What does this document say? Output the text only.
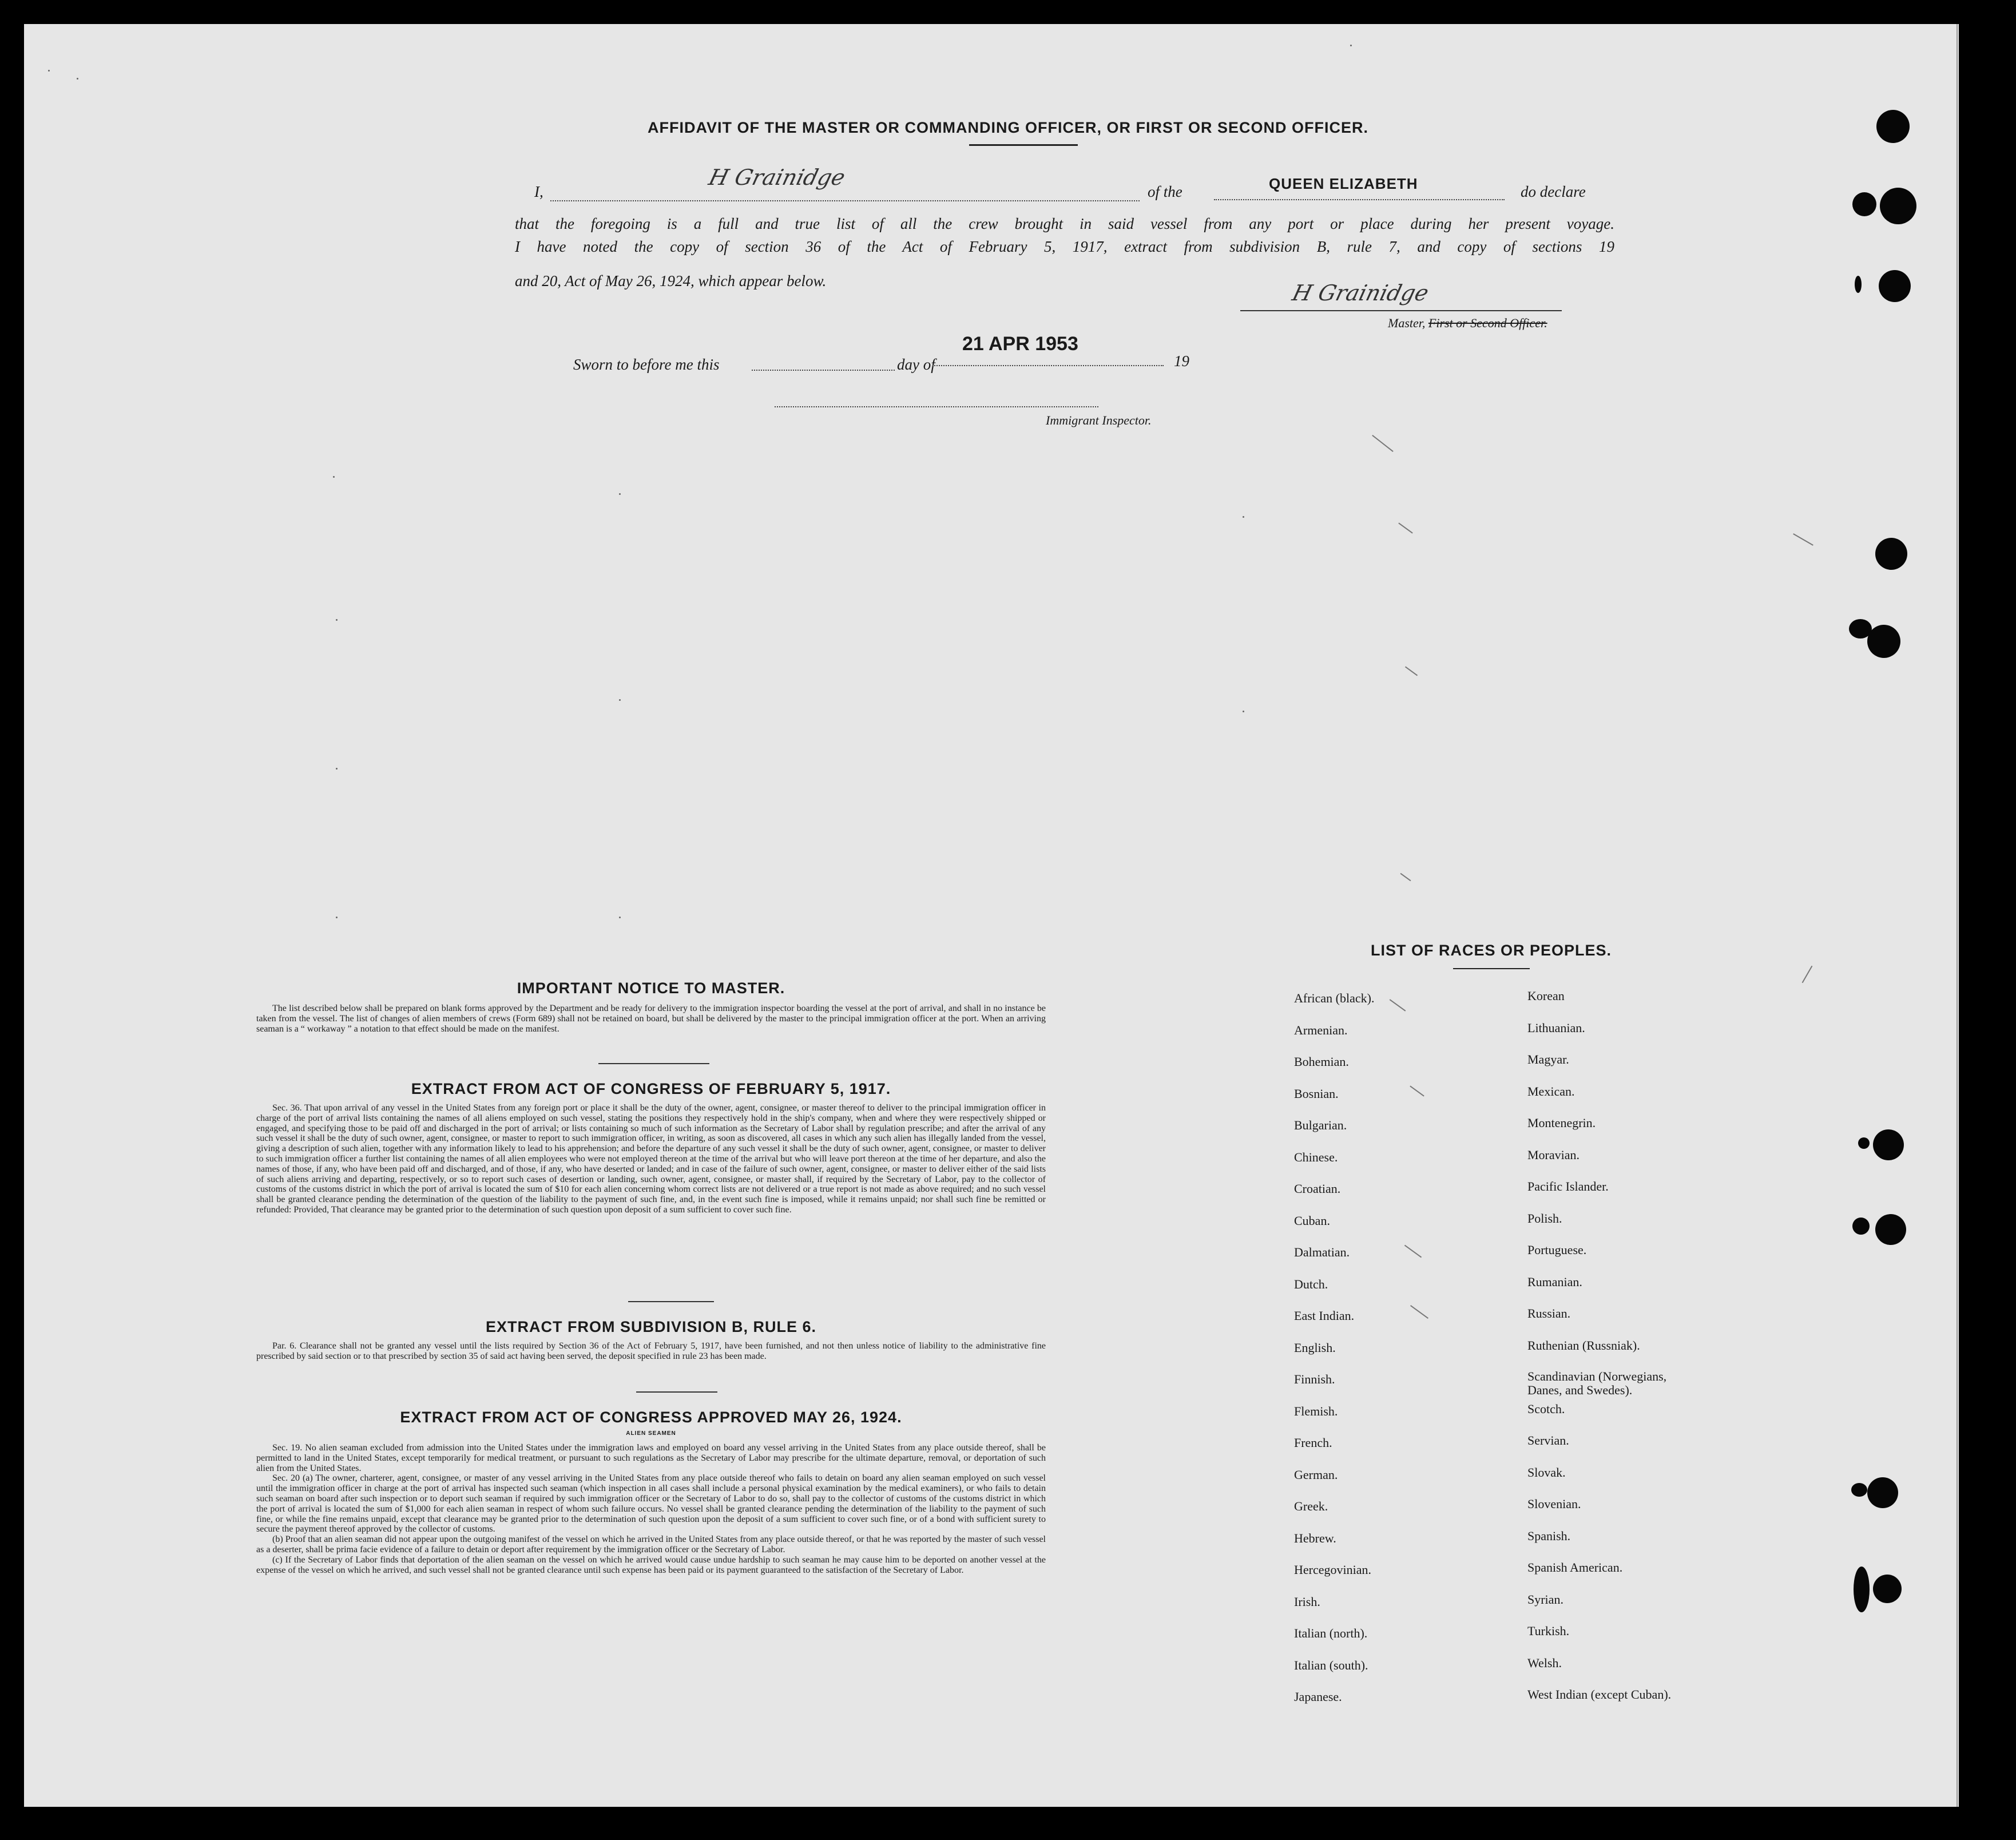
AFFIDAVIT OF THE MASTER OR COMMANDING OFFICER, OR FIRST OR SECOND OFFICER.
I,
H Grainidge
of the	QUEEN ELIZABETH	do declare
that the foregoing is a full and true list of all the crew brought in said vessel from any port or place during her present voyage.
I have noted the copy of section 36 of the Act of February 5, 1917, extract from subdivision B, rule 7, and copy of sections 19
and 20, Act of May 26, 1924, which appear below.	H Grainidge
Master, First or Second Officer.
Sworn to before me this	day of
21 APR 1953
19
Immigrant Inspector.
IMPORTANT NOTICE TO MASTER.

The list described below shall be prepared on blank forms approved by the Department and be ready for delivery to the immigration inspector boarding the vessel at the port of arrival, and shall in no instance be taken from the vessel. The list of changes of alien members of crews (Form 689) shall not be retained on board, but shall be delivered by the master to the principal immigration officer at the port. When an arriving seaman is a “ workaway ” a notation to that effect should be made on the manifest.

EXTRACT FROM ACT OF CONGRESS OF FEBRUARY 5, 1917.

Sec. 36. That upon arrival of any vessel in the United States from any foreign port or place it shall be the duty of the owner, agent, consignee, or master thereof to deliver to the principal immigration officer in charge of the port of arrival lists containing the names of all aliens employed on such vessel, stating the positions they respectively hold in the ship's company, when and where they were respectively shipped or engaged, and specifying those to be paid off and discharged in the port of arrival; or lists containing so much of such information as the Secretary of Labor shall by regulation prescribe; and after the arrival of any such vessel it shall be the duty of such owner, agent, consignee, or master to report to such immigration officer, in writing, as soon as discovered, all cases in which any such alien has illegally landed from the vessel, giving a description of such alien, together with any information likely to lead to his apprehension; and before the departure of any such vessel it shall be the duty of such owner, agent, consignee, or master to deliver to such immigration officer a further list containing the names of all alien employees who were not employed thereon at the time of the arrival but who will leave port thereon at the time of her departure, and also the names of those, if any, who have been paid off and discharged, and of those, if any, who have deserted or landed; and in case of the failure of such owner, agent, consignee, or master to deliver either of the said lists of such aliens arriving and departing, respectively, or so to report such cases of desertion or landing, such owner, agent, consignee, or master shall, if required by the Secretary of Labor, pay to the collector of customs of the customs district in which the port of arrival is located the sum of $10 for each alien concerning whom correct lists are not delivered or a true report is not made as above required; and no such vessel shall be granted clearance pending the determination of the question of the liability to the payment of such fine, and, in the event such fine is imposed, while it remains unpaid; nor shall such fine be remitted or refunded: Provided, That clearance may be granted prior to the determination of such question upon deposit of a sum sufficient to cover such fine.

EXTRACT FROM SUBDIVISION B, RULE 6.

Par. 6. Clearance shall not be granted any vessel until the lists required by Section 36 of the Act of February 5, 1917, have been furnished, and not then unless notice of liability to the administrative fine prescribed by said section or to that prescribed by section 35 of said act having been served, the deposit specified in rule 23 has been made.

EXTRACT FROM ACT OF CONGRESS APPROVED MAY 26, 1924.
ALIEN SEAMEN

Sec. 19. No alien seaman excluded from admission into the United States under the immigration laws and employed on board any vessel arriving in the United States from any place outside thereof, shall be permitted to land in the United States, except temporarily for medical treatment, or pursuant to such regulations as the Secretary of Labor may prescribe for the ultimate departure, removal, or deportation of such alien from the United States.

Sec. 20 (a) The owner, charterer, agent, consignee, or master of any vessel arriving in the United States from any place outside thereof who fails to detain on board any alien seaman employed on such vessel until the immigration officer in charge at the port of arrival has inspected such seaman (which inspection in all cases shall include a personal physical examination by the medical examiners), or who fails to detain such seaman on board after such inspection or to deport such seaman if required by such immigration officer or the Secretary of Labor to do so, shall pay to the collector of customs of the customs district in which the port of arrival is located the sum of $1,000 for each alien seaman in respect of whom such failure occurs. No vessel shall be granted clearance pending the determination of the liability to the payment of such fine, or while the fine remains unpaid, except that clearance may be granted prior to the determination of such question upon the deposit of a sum sufficient to cover such fine, or of a bond with sufficient surety to secure the payment thereof approved by the collector of customs.

(b) Proof that an alien seaman did not appear upon the outgoing manifest of the vessel on which he arrived in the United States from any place outside thereof, or that he was reported by the master of such vessel as a deserter, shall be prima facie evidence of a failure to detain or deport after requirement by the immigration officer or the Secretary of Labor.

(c) If the Secretary of Labor finds that deportation of the alien seaman on the vessel on which he arrived would cause undue hardship to such seaman he may cause him to be deported on another vessel at the expense of the vessel on which he arrived, and such vessel shall not be granted clearance until such expense has been paid or its payment guaranteed to the satisfaction of the Secretary of Labor.

LIST OF RACES OR PEOPLES.
African (black).
Armenian.
Bohemian.
Bosnian.
Bulgarian.
Chinese.
Croatian.
Cuban.
Dalmatian.
Dutch.
East Indian.
English.
Finnish.
Flemish.
French.
German.
Greek.
Hebrew.
Hercegovinian.
Irish.
Italian (north).
Italian (south).
Japanese.
Korean
Lithuanian.
Magyar.
Mexican.
Montenegrin.
Moravian.
Pacific Islander.
Polish.
Portuguese.
Rumanian.
Russian.
Ruthenian (Russniak).
Scandinavian (Norwegians, Danes, and Swedes).
Scotch.
Servian.
Slovak.
Slovenian.
Spanish.
Spanish American.
Syrian.
Turkish.
Welsh.
West Indian (except Cuban).
